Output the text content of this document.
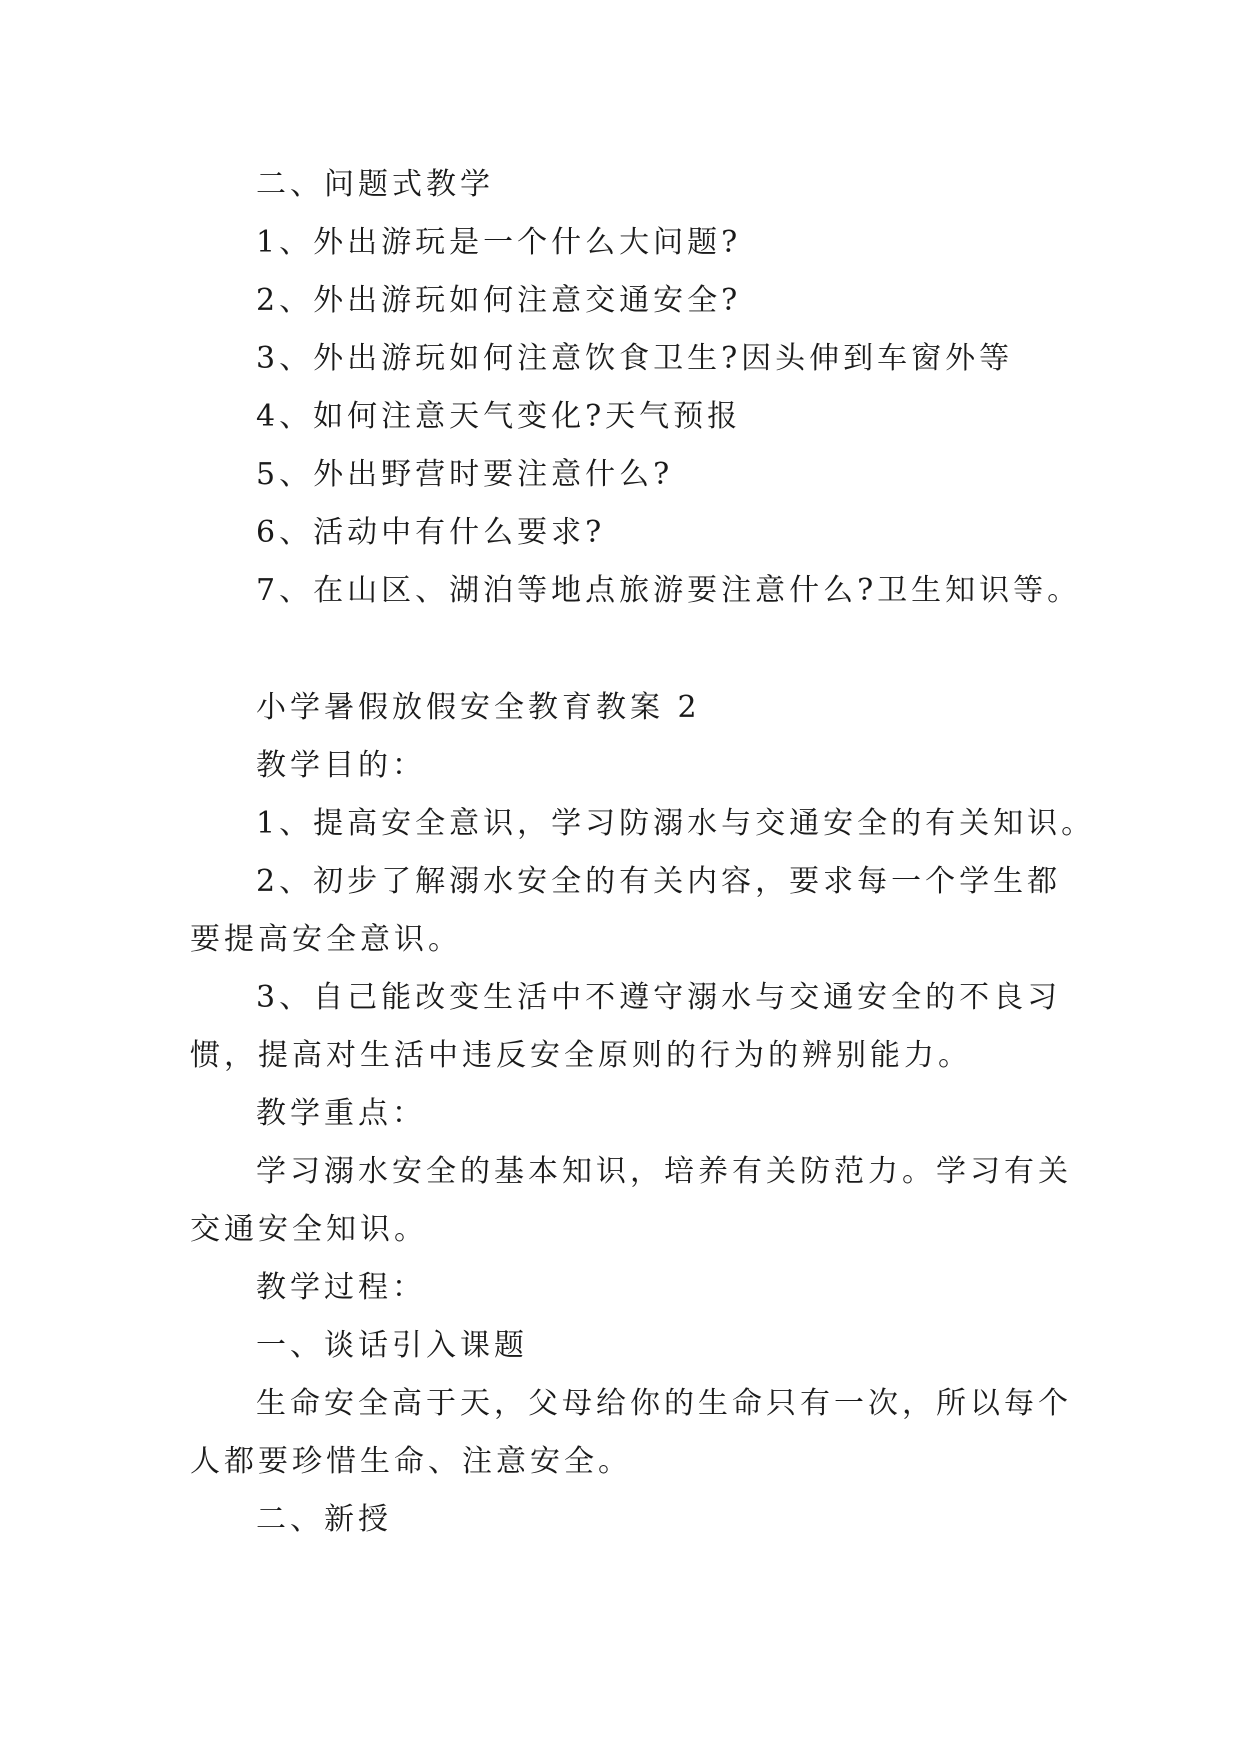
二、问题式教学
1、外出游玩是一个什么大问题?
2、外出游玩如何注意交通安全?
3、外出游玩如何注意饮食卫生?因头伸到车窗外等
4、如何注意天气变化?天气预报
5、外出野营时要注意什么?
6、活动中有什么要求?
7、在山区、湖泊等地点旅游要注意什么?卫生知识等。
小学暑假放假安全教育教案 2
教学目的：
1、提高安全意识，学习防溺水与交通安全的有关知识。
2、初步了解溺水安全的有关内容，要求每一个学生都
要提高安全意识。
3、自己能改变生活中不遵守溺水与交通安全的不良习
惯，提高对生活中违反安全原则的行为的辨别能力。
教学重点：
学习溺水安全的基本知识，培养有关防范力。学习有关
交通安全知识。
教学过程：
一、谈话引入课题
生命安全高于天，父母给你的生命只有一次，所以每个
人都要珍惜生命、注意安全。
二、新授
